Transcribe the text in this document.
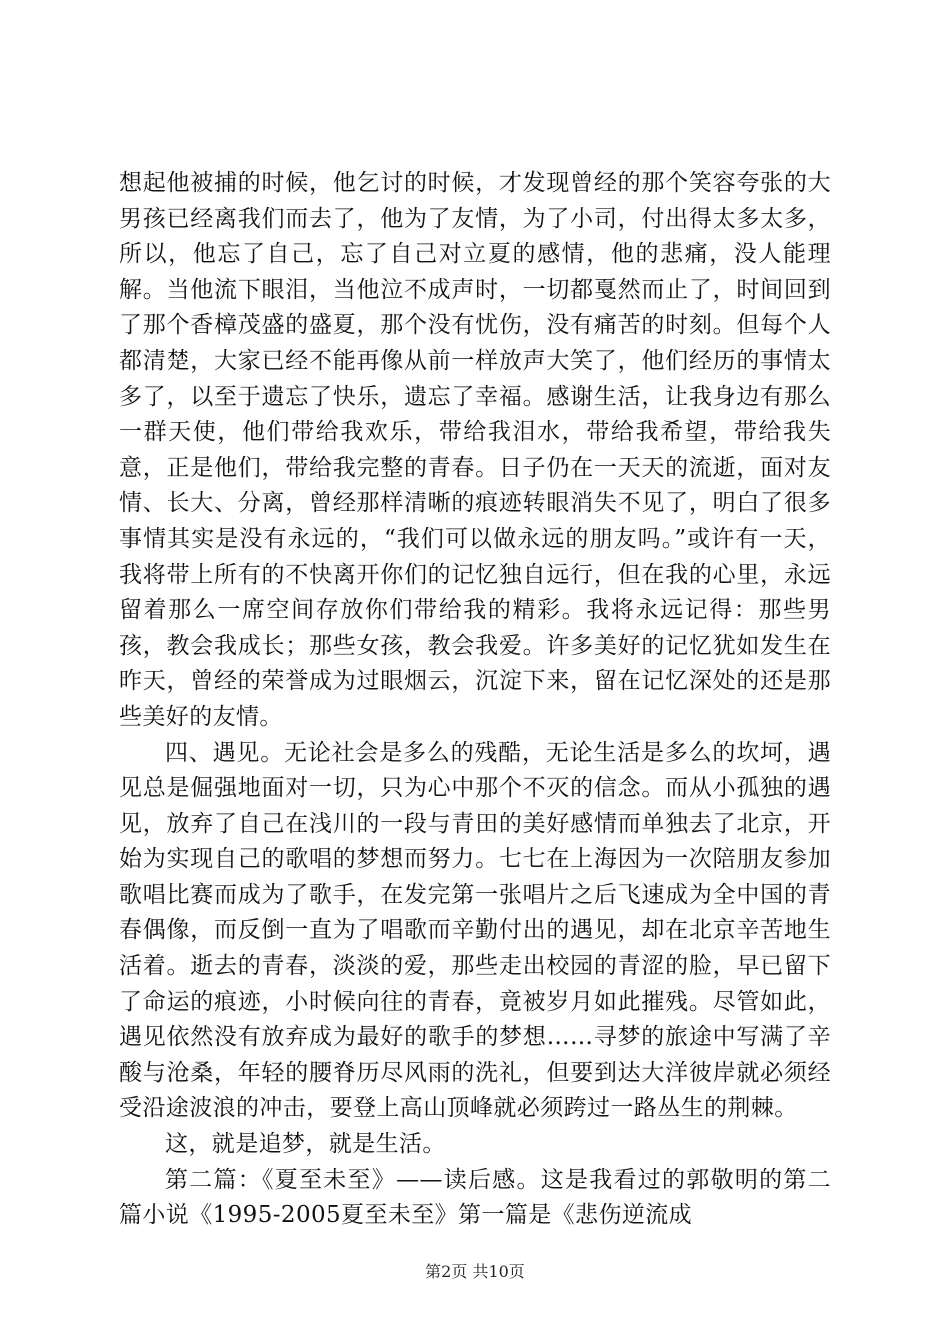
想起他被捕的时候，他乞讨的时候，才发现曾经的那个笑容夸张的大男孩已经离我们而去了，他为了友情，为了小司，付出得太多太多，所以，他忘了自己，忘了自己对立夏的感情，他的悲痛，没人能理解。当他流下眼泪，当他泣不成声时，一切都戛然而止了，时间回到了那个香樟茂盛的盛夏，那个没有忧伤，没有痛苦的时刻。但每个人都清楚，大家已经不能再像从前一样放声大笑了，他们经历的事情太多了，以至于遗忘了快乐，遗忘了幸福。感谢生活，让我身边有那么一群天使，他们带给我欢乐，带给我泪水，带给我希望，带给我失意，正是他们，带给我完整的青春。日子仍在一天天的流逝，面对友情、长大、分离，曾经那样清晰的痕迹转眼消失不见了，明白了很多事情其实是没有永远的，“我们可以做永远的朋友吗。”或许有一天，我将带上所有的不快离开你们的记忆独自远行，但在我的心里，永远留着那么一席空间存放你们带给我的精彩。我将永远记得：那些男孩，教会我成长；那些女孩，教会我爱。许多美好的记忆犹如发生在昨天，曾经的荣誉成为过眼烟云，沉淀下来，留在记忆深处的还是那些美好的友情。

四、遇见。无论社会是多么的残酷，无论生活是多么的坎坷，遇见总是倔强地面对一切，只为心中那个不灭的信念。而从小孤独的遇见，放弃了自己在浅川的一段与青田的美好感情而单独去了北京，开始为实现自己的歌唱的梦想而努力。七七在上海因为一次陪朋友参加歌唱比赛而成为了歌手，在发完第一张唱片之后飞速成为全中国的青春偶像，而反倒一直为了唱歌而辛勤付出的遇见，却在北京辛苦地生活着。逝去的青春，淡淡的爱，那些走出校园的青涩的脸，早已留下了命运的痕迹，小时候向往的青春，竟被岁月如此摧残。尽管如此，遇见依然没有放弃成为最好的歌手的梦想……寻梦的旅途中写满了辛酸与沧桑，年轻的腰脊历尽风雨的洗礼，但要到达大洋彼岸就必须经受沿途波浪的冲击，要登上高山顶峰就必须跨过一路丛生的荆棘。

这，就是追梦，就是生活。

第二篇：《夏至未至》——读后感。这是我看过的郭敬明的第二篇小说《1995-2005夏至未至》第一篇是《悲伤逆流成

第2页 共10页
